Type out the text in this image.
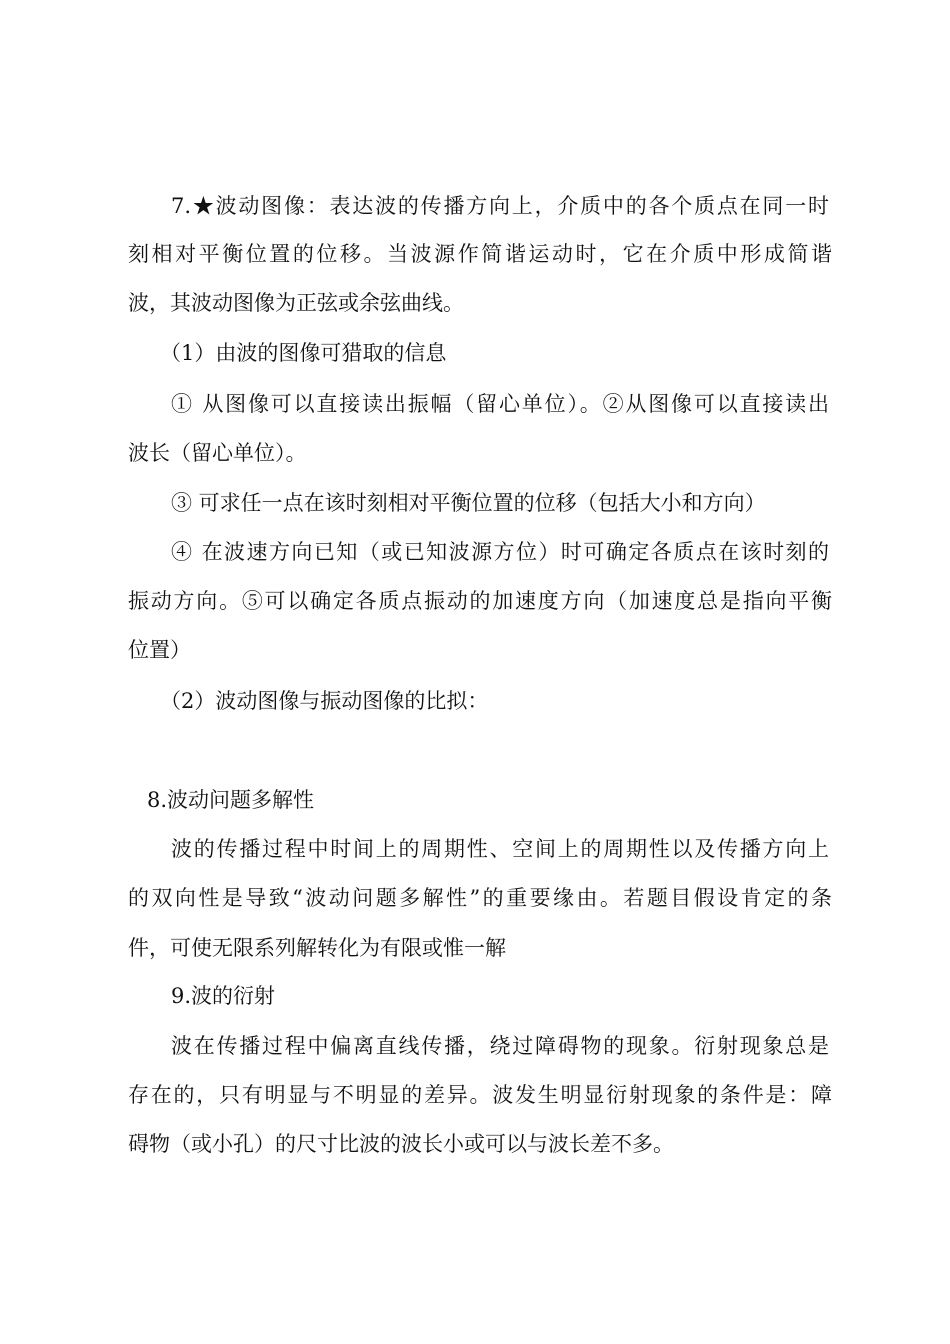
7.★波动图像：表达波的传播方向上，介质中的各个质点在同一时
刻相对平衡位置的位移。当波源作简谐运动时，它在介质中形成简谐
波，其波动图像为正弦或余弦曲线。
（1）由波的图像可猎取的信息
① 从图像可以直接读出振幅（留心单位）。②从图像可以直接读出
波长（留心单位）。
③ 可求任一点在该时刻相对平衡位置的位移（包括大小和方向）
④ 在波速方向已知（或已知波源方位）时可确定各质点在该时刻的
振动方向。⑤可以确定各质点振动的加速度方向（加速度总是指向平衡
位置）
（2）波动图像与振动图像的比拟：
8.波动问题多解性
波的传播过程中时间上的周期性、空间上的周期性以及传播方向上
的双向性是导致“波动问题多解性”的重要缘由。若题目假设肯定的条
件，可使无限系列解转化为有限或惟一解
9.波的衍射
波在传播过程中偏离直线传播，绕过障碍物的现象。衍射现象总是
存在的，只有明显与不明显的差异。波发生明显衍射现象的条件是：障
碍物（或小孔）的尺寸比波的波长小或可以与波长差不多。
